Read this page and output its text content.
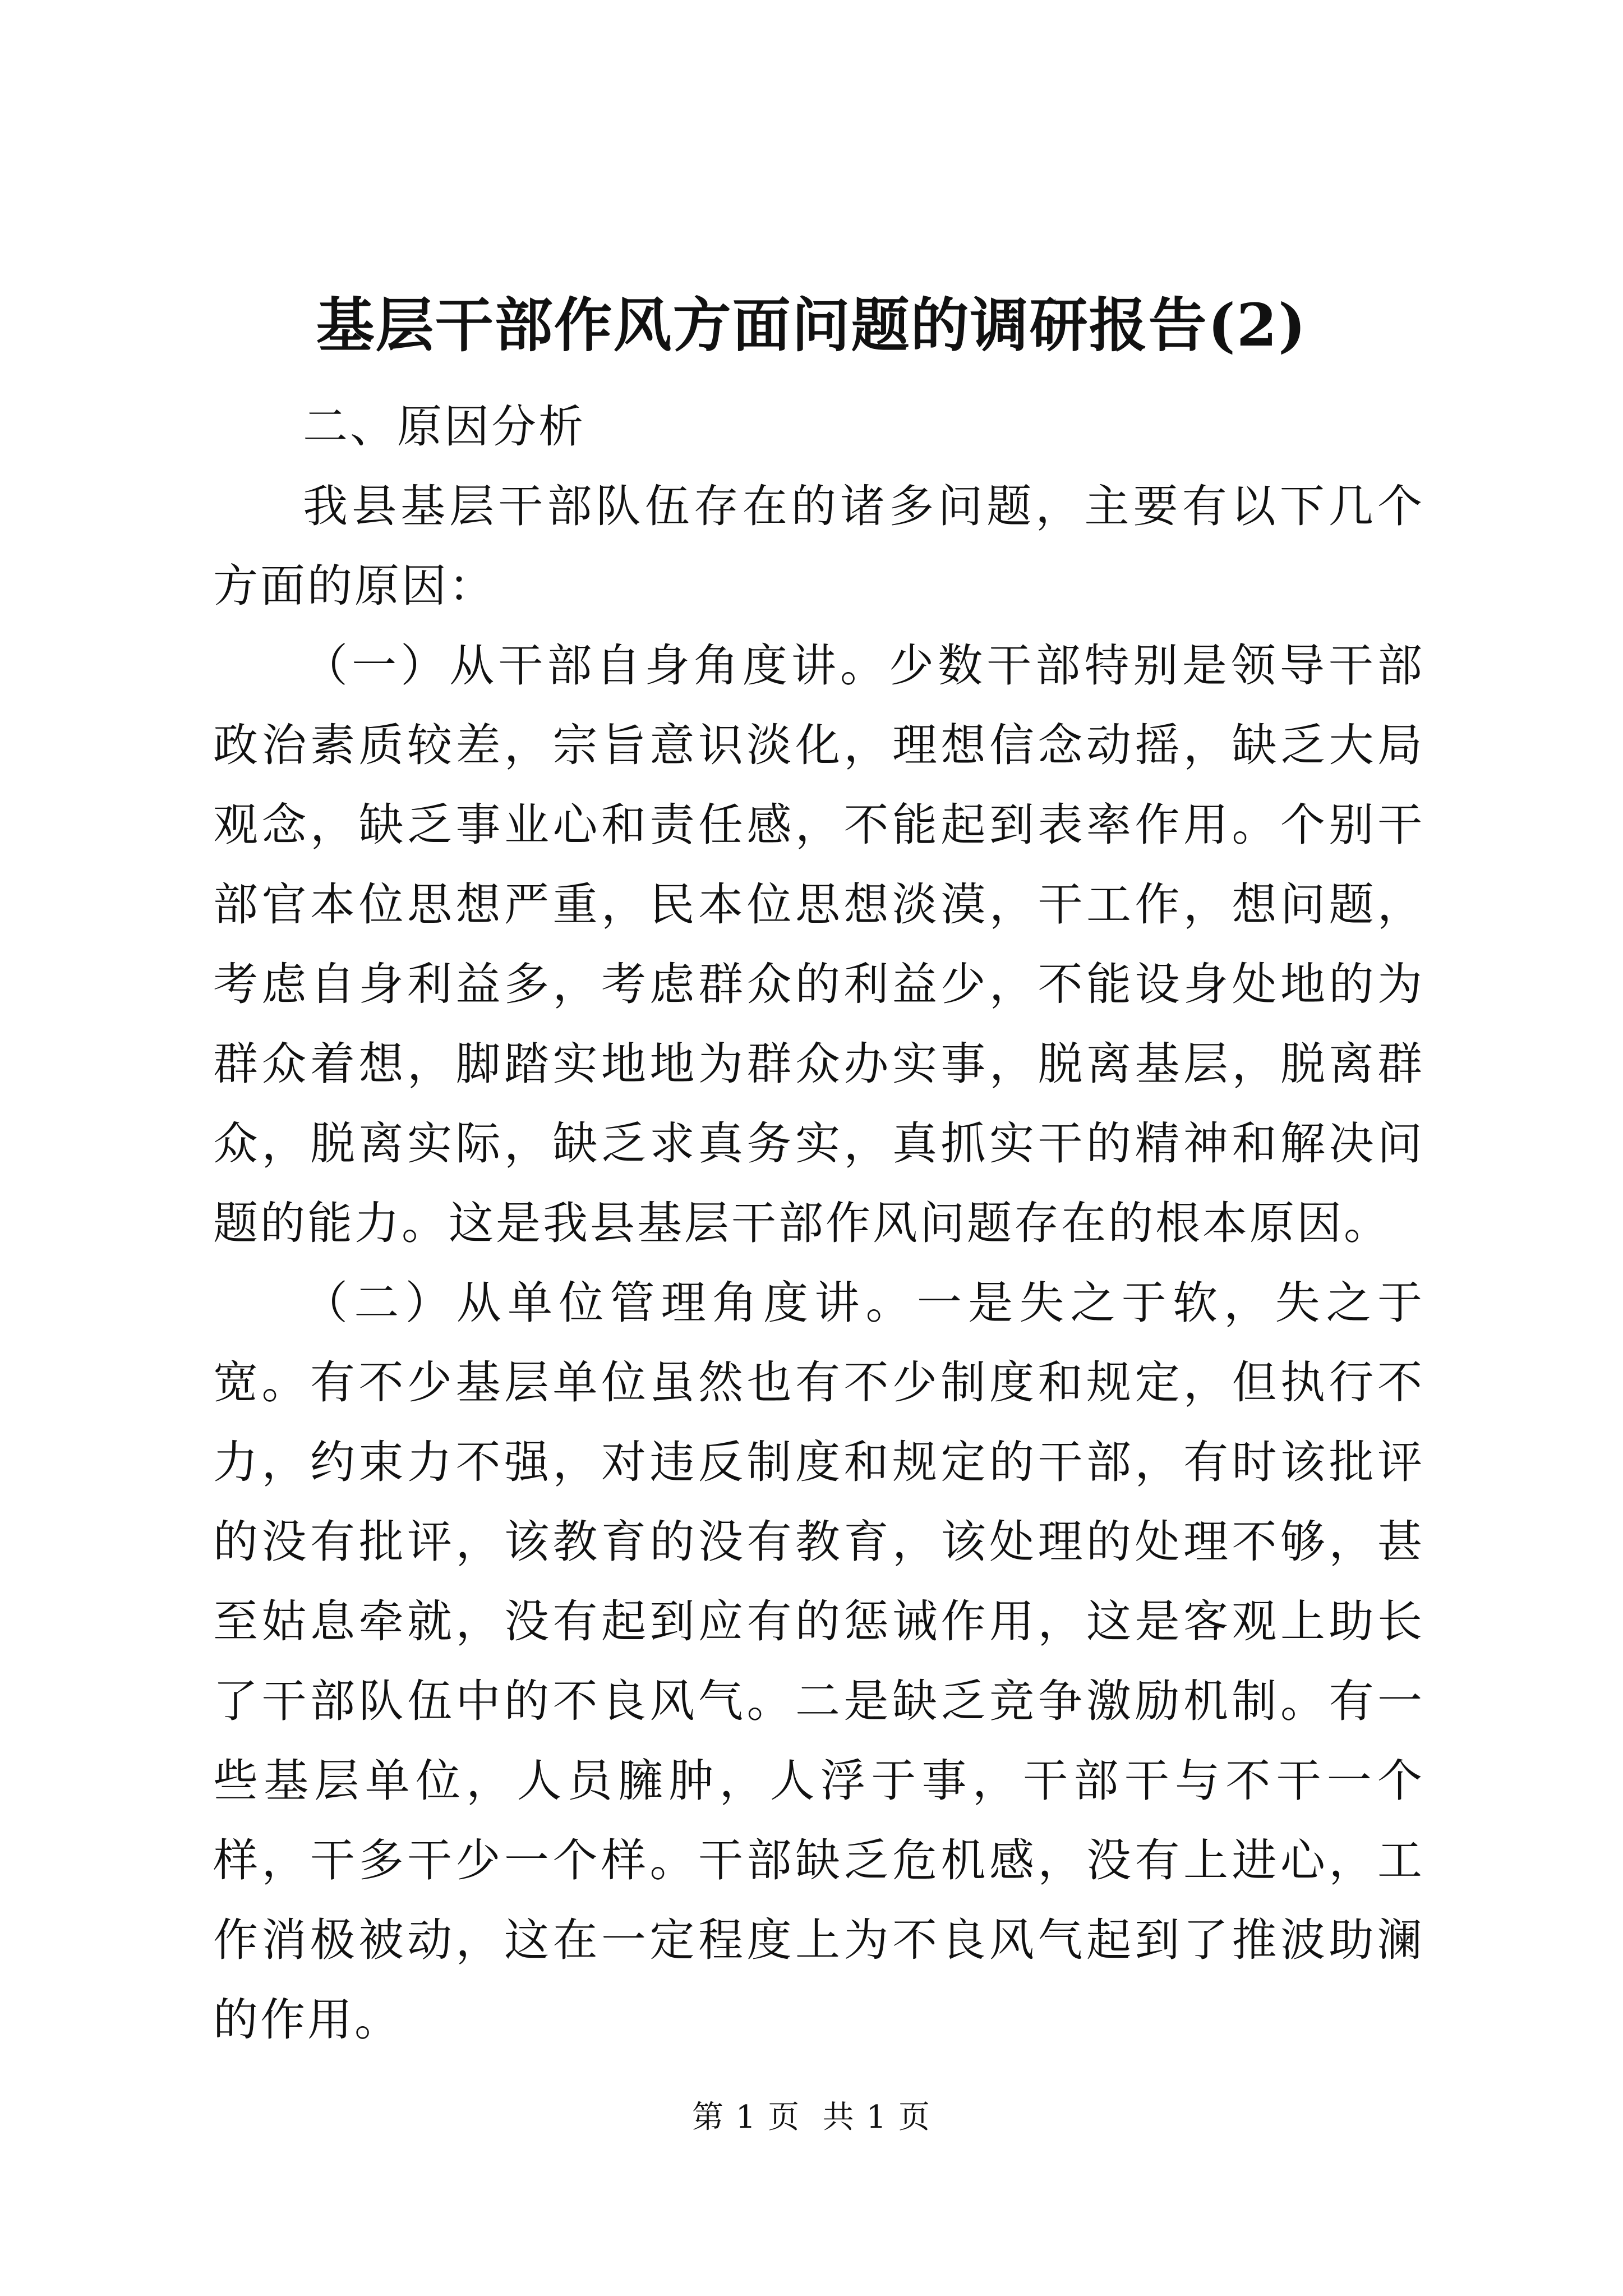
基层干部作风方面问题的调研报告(2)

二、原因分析

我县基层干部队伍存在的诸多问题，主要有以下几个方面的原因：

（一）从干部自身角度讲。少数干部特别是领导干部政治素质较差，宗旨意识淡化，理想信念动摇，缺乏大局观念，缺乏事业心和责任感，不能起到表率作用。个别干部官本位思想严重，民本位思想淡漠，干工作，想问题，考虑自身利益多，考虑群众的利益少，不能设身处地的为群众着想，脚踏实地地为群众办实事，脱离基层，脱离群众，脱离实际，缺乏求真务实，真抓实干的精神和解决问题的能力。这是我县基层干部作风问题存在的根本原因。

（二）从单位管理角度讲。一是失之于软，失之于宽。有不少基层单位虽然也有不少制度和规定，但执行不力，约束力不强，对违反制度和规定的干部，有时该批评的没有批评，该教育的没有教育，该处理的处理不够，甚至姑息牵就，没有起到应有的惩诫作用，这是客观上助长了干部队伍中的不良风气。二是缺乏竞争激励机制。有一些基层单位，人员臃肿，人浮于事，干部干与不干一个样，干多干少一个样。干部缺乏危机感，没有上进心，工作消极被动，这在一定程度上为不良风气起到了推波助澜的作用。

第 1 页  共 1 页
